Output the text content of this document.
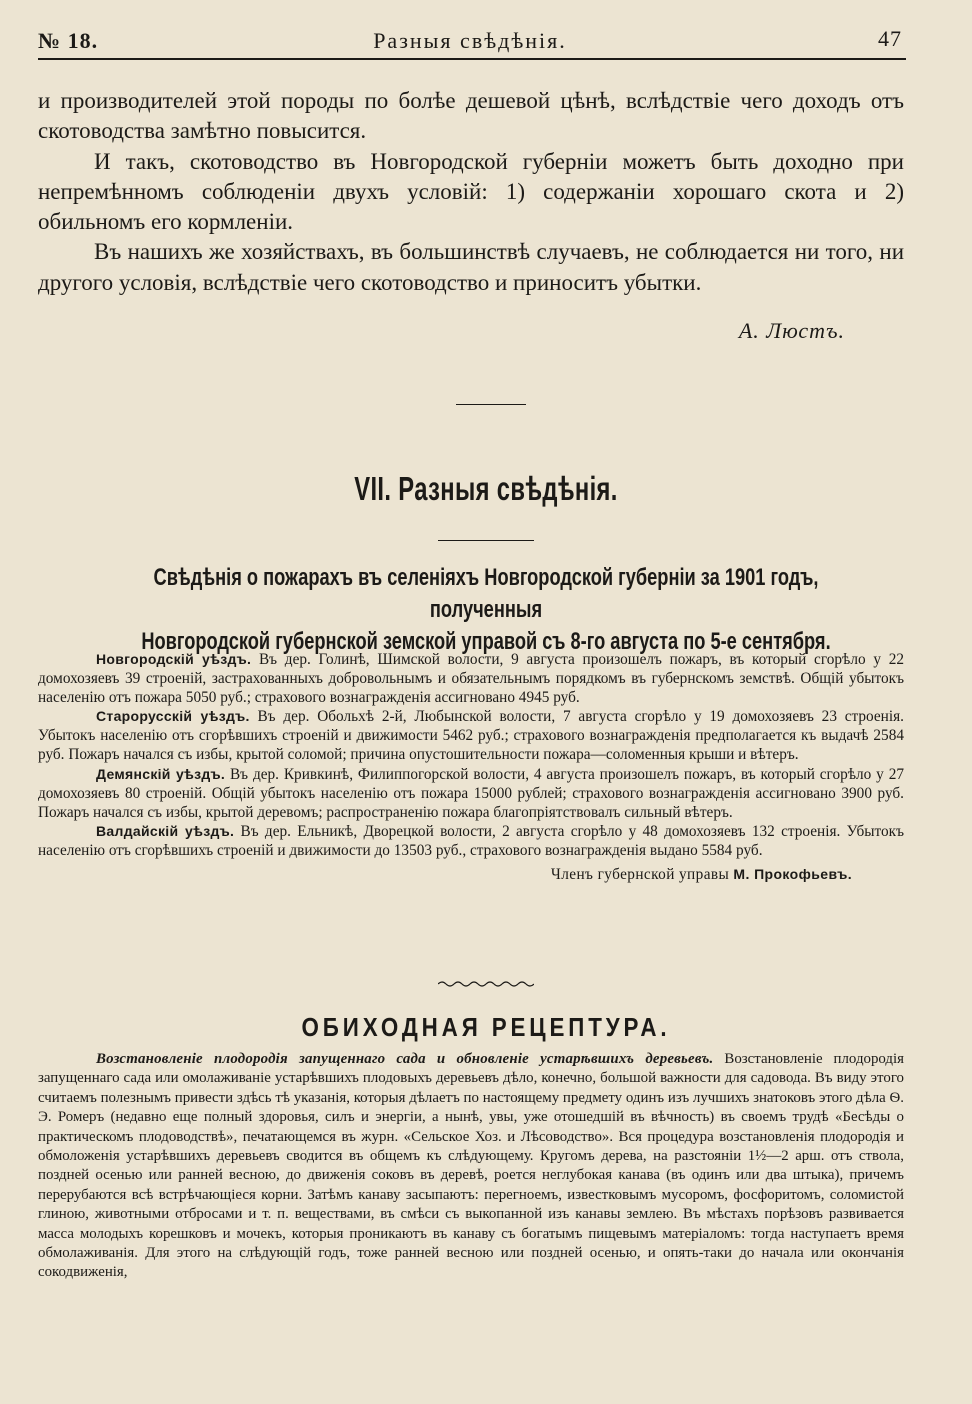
№ 18.	Разныя свѣдѣнія.	47

и производителей этой породы по болѣе дешевой цѣнѣ, вслѣдствіе чего доходъ отъ скотоводства замѣтно повысится.

И такъ, скотоводство въ Новгородской губерніи можетъ быть доходно при непремѣнномъ соблюденіи двухъ условій: 1) содержаніи хорошаго скота и 2) обильномъ его кормленіи.

Въ нашихъ же хозяйствахъ, въ большинствѣ случаевъ, не соблюдается ни того, ни другого условія, вслѣдствіе чего скотоводство и приноситъ убытки.

А. Люстъ.
VII. Разныя свѣдѣнія.
Свѣдѣнія о пожарахъ въ селеніяхъ Новгородской губерніи за 1901 годъ, полученныя
Новгородской губернской земской управой съ 8-го августа по 5-е сентября.

Новгородскій уѣздъ. Въ дер. Голинѣ, Шимской волости, 9 августа произошелъ пожаръ, въ который сгорѣло у 22 домохозяевъ 39 строеній, застрахованныхъ добровольнымъ и обязательнымъ порядкомъ въ губернскомъ земствѣ. Общій убытокъ населенію отъ пожара 5050 руб.; страхового вознагражденія ассигновано 4945 руб.

Старорусскій уѣздъ. Въ дер. Обольхѣ 2-й, Любынской волости, 7 августа сгорѣло у 19 домохозяевъ 23 строенія. Убытокъ населенію отъ сгорѣвшихъ строеній и движимости 5462 руб.; страхового вознагражденія предполагается къ выдачѣ 2584 руб. Пожаръ начался съ избы, крытой соломой; причина опустошительности пожара—соломенныя крыши и вѣтеръ.

Демянскій уѣздъ. Въ дер. Кривкинѣ, Филиппогорской волости, 4 августа произошелъ пожаръ, въ который сгорѣло у 27 домохозяевъ 80 строеній. Общій убытокъ населенію отъ пожара 15000 рублей; страхового вознагражденія ассигновано 3900 руб. Пожаръ начался съ избы, крытой деревомъ; распространенію пожара благопріятствовалъ сильный вѣтеръ.

Валдайскій уѣздъ. Въ дер. Ельникѣ, Дворецкой волости, 2 августа сгорѣло у 48 домохозяевъ 132 строенія. Убытокъ населенію отъ сгорѣвшихъ строеній и движимости до 13503 руб., страхового вознагражденія выдано 5584 руб.

Членъ губернской управы М. Прокофьевъ.

ОБИХОДНАЯ РЕЦЕПТУРА.

Возстановленіе плодородія запущеннаго сада и обновленіе устарѣвшихъ деревьевъ. Возстановленіе плодородія запущеннаго сада или омолаживаніе устарѣвшихъ плодовыхъ деревьевъ дѣло, конечно, большой важности для садовода. Въ виду этого считаемъ полезнымъ привести здѣсь тѣ указанія, которыя дѣлаетъ по настоящему предмету одинъ изъ лучшихъ знатоковъ этого дѣла Ѳ. Э. Ромеръ (недавно еще полный здоровья, силъ и энергіи, а нынѣ, увы, уже отошедшій въ вѣчность) въ своемъ трудѣ «Бесѣды о практическомъ плодоводствѣ», печатающемся въ журн. «Сельское Хоз. и Лѣсоводство». Вся процедура возстановленія плодородія и обмоложенія устарѣвшихъ деревьевъ сводится въ общемъ къ слѣдующему. Кругомъ дерева, на разстояніи 1½—2 арш. отъ ствола, поздней осенью или ранней весною, до движенія соковъ въ деревѣ, роется неглубокая канава (въ одинъ или два штыка), причемъ перерубаются всѣ встрѣчающіеся корни. Затѣмъ канаву засыпаютъ: перегноемъ, известковымъ мусоромъ, фосфоритомъ, соломистой глиною, животными отбросами и т. п. веществами, въ смѣси съ выкопанной изъ канавы землею. Въ мѣстахъ порѣзовъ развивается масса молодыхъ корешковъ и мочекъ, которыя проникаютъ въ канаву съ богатымъ пищевымъ матеріаломъ: тогда наступаетъ время обмолаживанія. Для этого на слѣдующій годъ, тоже ранней весною или поздней осенью, и опять-таки до начала или окончанія сокодвиженія,
